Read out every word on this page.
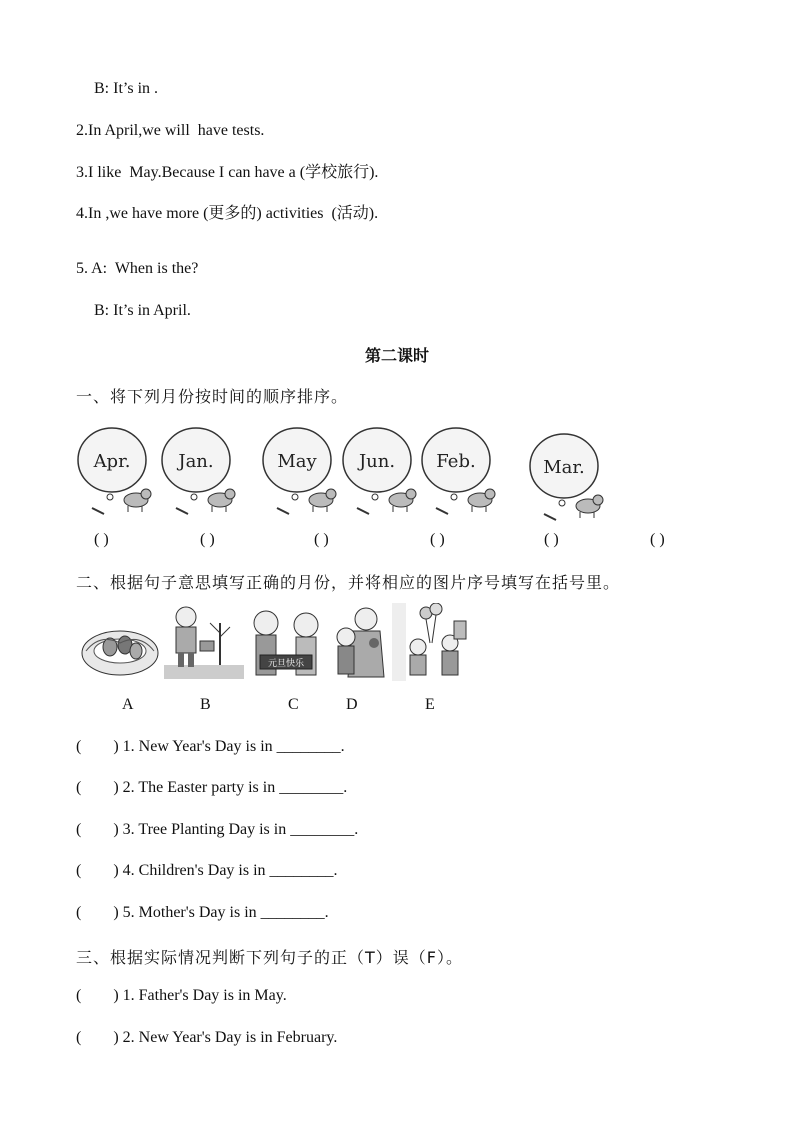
B: It’s in .
2.In April,we will  have tests.
3.I like  May.Because I can have a (学校旅行).
4.In ,we have more (更多的) activities  (活动).
5. A:  When is the?
B: It’s in April.
第二课时
一、将下列月份按时间的顺序排序。
Apr.	Jan.	May Jun. Feb.	Mar.
( )	( )	( )	( )	( )	( )
二、根据句子意思填写正确的月份，并将相应的图片序号填写在括号里。
元旦快乐
A	B	C	D	E
(        ) 1. New Year's Day is in ________.
(        ) 2. The Easter party is in ________.
(        ) 3. Tree Planting Day is in ________.
(        ) 4. Children's Day is in ________.
(        ) 5. Mother's Day is in ________.
三、根据实际情况判断下列句子的正（T）误（F）。
(        ) 1. Father's Day is in May.
(        ) 2. New Year's Day is in February.
